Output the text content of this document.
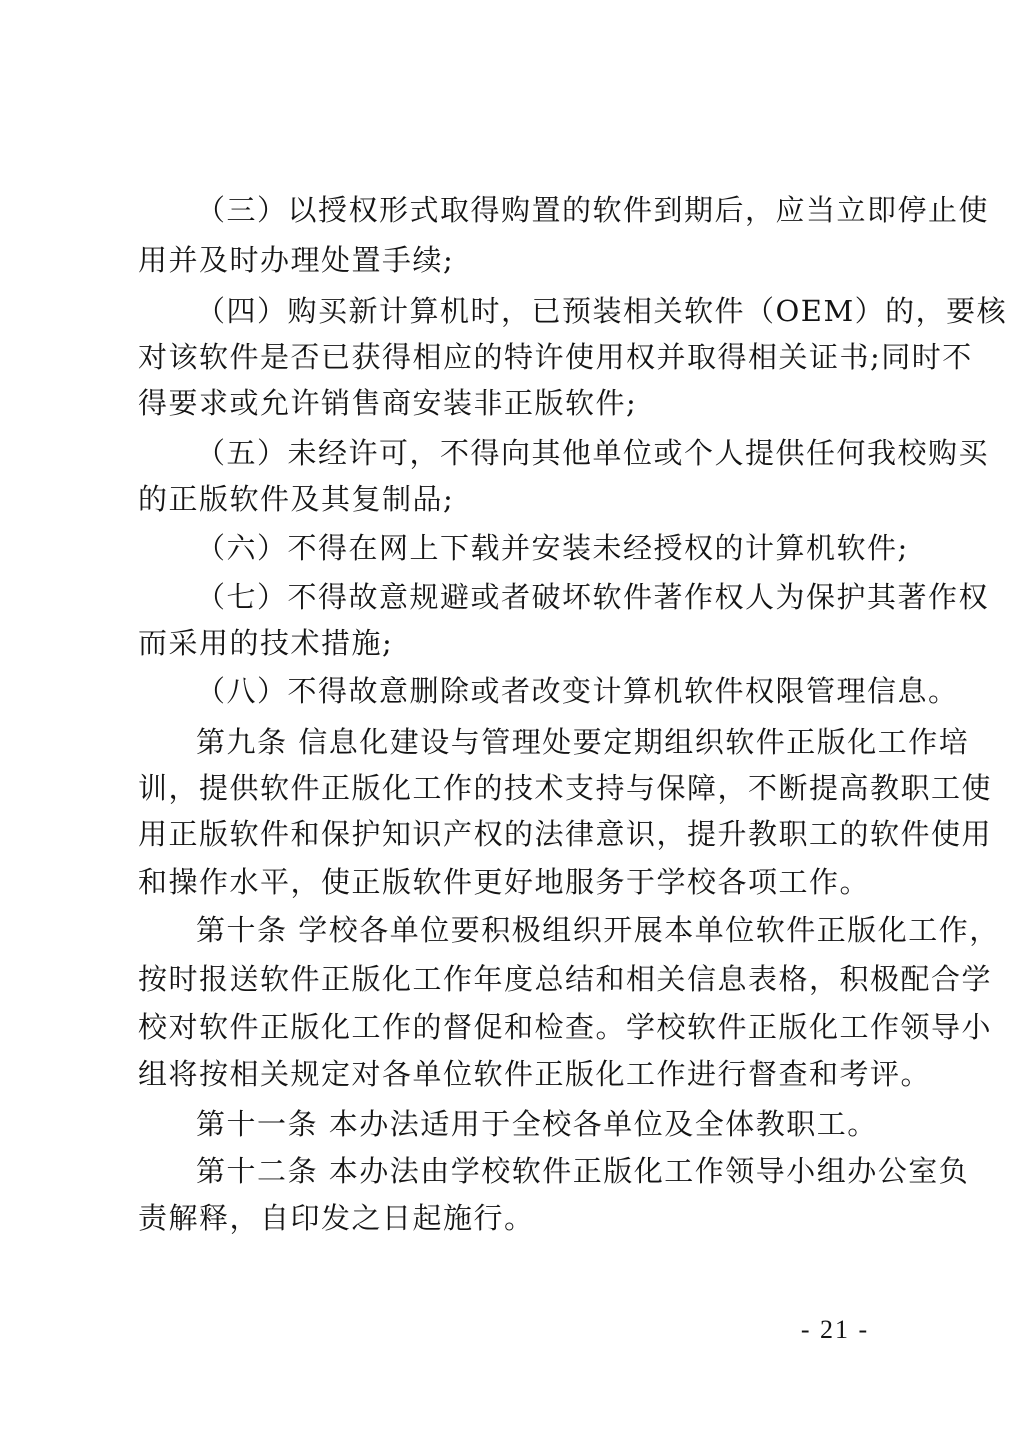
（三）以授权形式取得购置的软件到期后，应当立即停止使
用并及时办理处置手续;
（四）购买新计算机时，已预装相关软件（OEM）的，要核
对该软件是否已获得相应的特许使用权并取得相关证书;同时不
得要求或允许销售商安装非正版软件;
（五）未经许可，不得向其他单位或个人提供任何我校购买
的正版软件及其复制品;
（六）不得在网上下载并安装未经授权的计算机软件;
（七）不得故意规避或者破坏软件著作权人为保护其著作权
而采用的技术措施;
（八）不得故意删除或者改变计算机软件权限管理信息。
第九条 信息化建设与管理处要定期组织软件正版化工作培
训，提供软件正版化工作的技术支持与保障，不断提高教职工使
用正版软件和保护知识产权的法律意识，提升教职工的软件使用
和操作水平，使正版软件更好地服务于学校各项工作。
第十条 学校各单位要积极组织开展本单位软件正版化工作，
按时报送软件正版化工作年度总结和相关信息表格，积极配合学
校对软件正版化工作的督促和检查。学校软件正版化工作领导小
组将按相关规定对各单位软件正版化工作进行督查和考评。
第十一条 本办法适用于全校各单位及全体教职工。
第十二条 本办法由学校软件正版化工作领导小组办公室负
责解释，自印发之日起施行。
- 21 -
